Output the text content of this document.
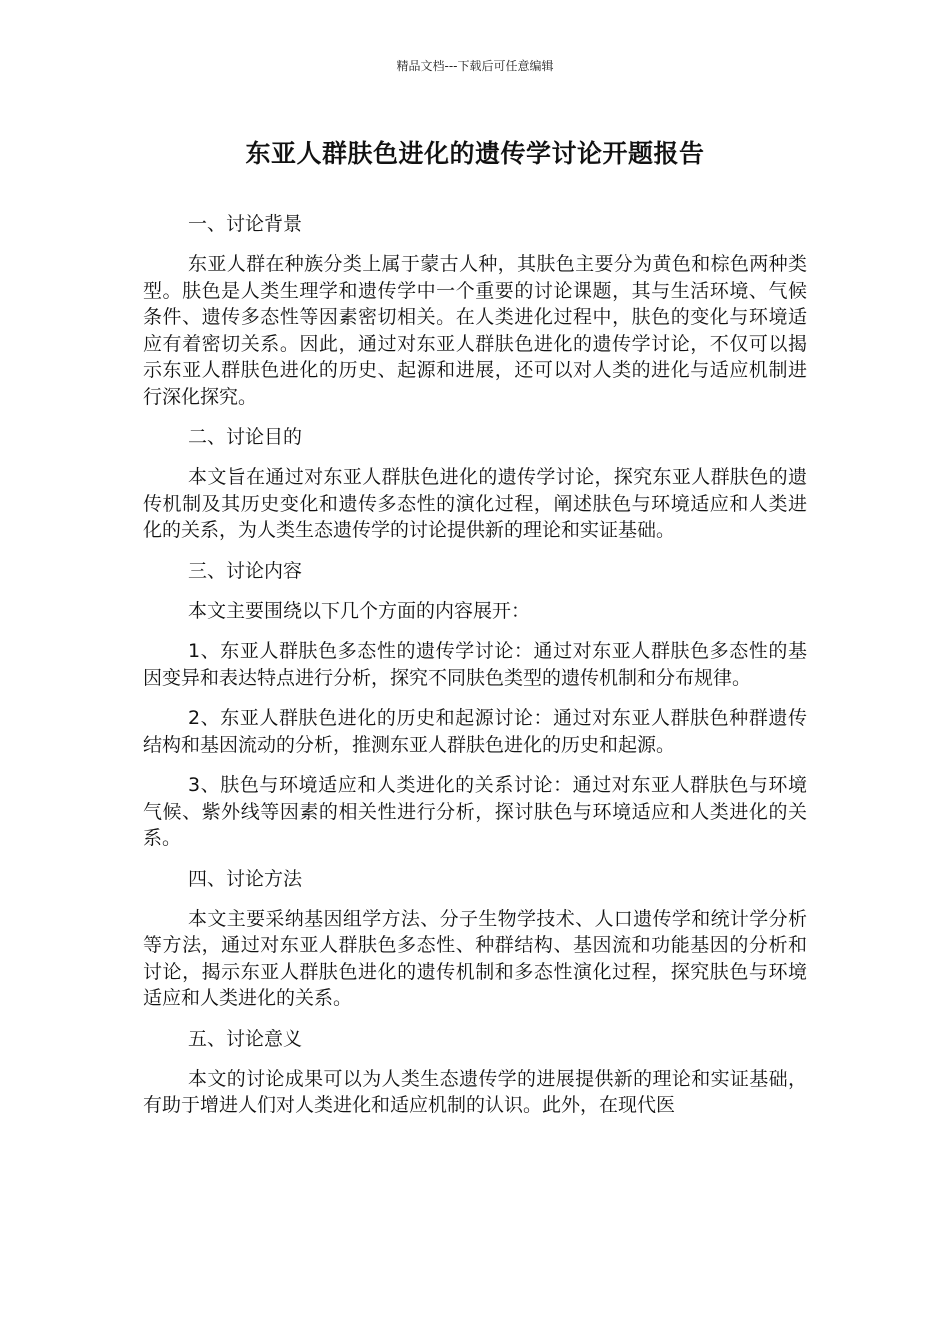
精品文档---下载后可任意编辑
东亚人群肤色进化的遗传学讨论开题报告
一、讨论背景

东亚人群在种族分类上属于蒙古人种，其肤色主要分为黄色和棕色两种类型。肤色是人类生理学和遗传学中一个重要的讨论课题，其与生活环境、气候条件、遗传多态性等因素密切相关。在人类进化过程中，肤色的变化与环境适应有着密切关系。因此，通过对东亚人群肤色进化的遗传学讨论，不仅可以揭示东亚人群肤色进化的历史、起源和进展，还可以对人类的进化与适应机制进行深化探究。

二、讨论目的

本文旨在通过对东亚人群肤色进化的遗传学讨论，探究东亚人群肤色的遗传机制及其历史变化和遗传多态性的演化过程，阐述肤色与环境适应和人类进化的关系，为人类生态遗传学的讨论提供新的理论和实证基础。

三、讨论内容

本文主要围绕以下几个方面的内容展开：

1、东亚人群肤色多态性的遗传学讨论：通过对东亚人群肤色多态性的基因变异和表达特点进行分析，探究不同肤色类型的遗传机制和分布规律。

2、东亚人群肤色进化的历史和起源讨论：通过对东亚人群肤色种群遗传结构和基因流动的分析，推测东亚人群肤色进化的历史和起源。

3、肤色与环境适应和人类进化的关系讨论：通过对东亚人群肤色与环境气候、紫外线等因素的相关性进行分析，探讨肤色与环境适应和人类进化的关系。

四、讨论方法

本文主要采纳基因组学方法、分子生物学技术、人口遗传学和统计学分析等方法，通过对东亚人群肤色多态性、种群结构、基因流和功能基因的分析和讨论，揭示东亚人群肤色进化的遗传机制和多态性演化过程，探究肤色与环境适应和人类进化的关系。

五、讨论意义

本文的讨论成果可以为人类生态遗传学的进展提供新的理论和实证基础，有助于增进人们对人类进化和适应机制的认识。此外，在现代医
